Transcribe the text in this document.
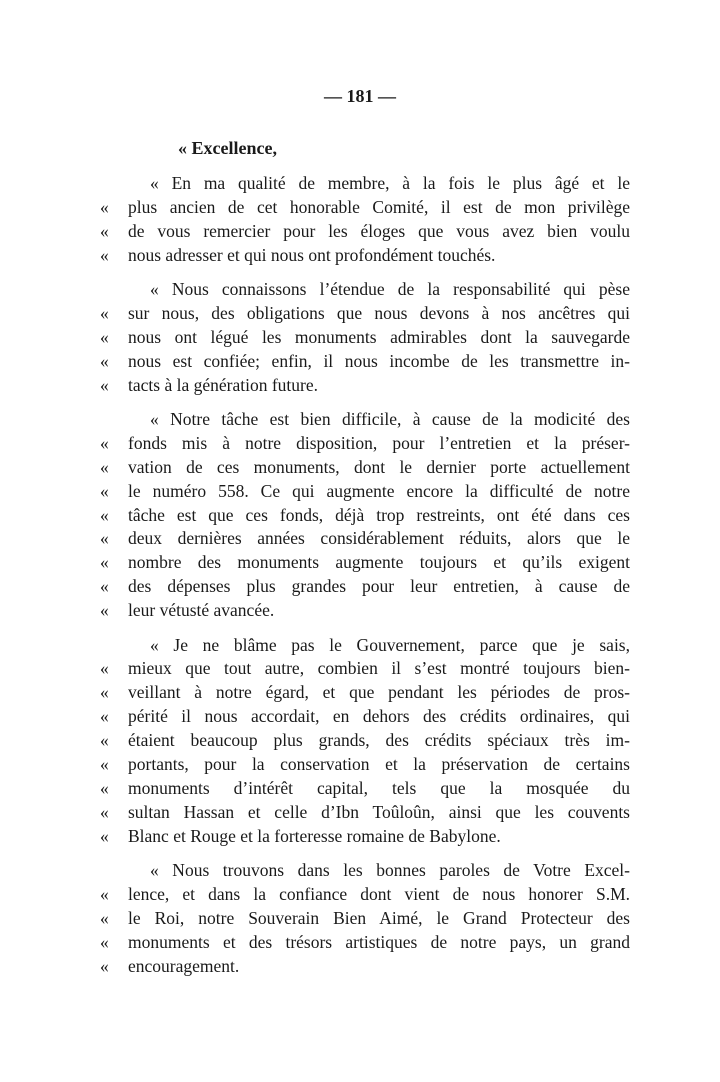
— 181 —
« Excellence,
« En ma qualité de membre, à la fois le plus âgé et le
«	plus ancien de cet honorable Comité, il est de mon privilège
«	de vous remercier pour les éloges que vous avez bien voulu
«	nous adresser et qui nous ont profondément touchés.
« Nous connaissons l’étendue de la responsabilité qui pèse
«	sur nous, des obligations que nous devons à nos ancêtres qui
«	nous ont légué les monuments admirables dont la sauvegarde
«	nous est confiée; enfin, il nous incombe de les transmettre in-
«	tacts à la génération future.
« Notre tâche est bien difficile, à cause de la modicité des
«	fonds mis à notre disposition, pour l’entretien et la préser-
«	vation de ces monuments, dont le dernier porte actuellement
«	le numéro 558. Ce qui augmente encore la difficulté de notre
«	tâche est que ces fonds, déjà trop restreints, ont été dans ces
«	deux dernières années considérablement réduits, alors que le
«	nombre des monuments augmente toujours et qu’ils exigent
«	des dépenses plus grandes pour leur entretien, à cause de
«	leur vétusté avancée.
« Je ne blâme pas le Gouvernement, parce que je sais,
«	mieux que tout autre, combien il s’est montré toujours bien-
«	veillant à notre égard, et que pendant les périodes de pros-
«	périté il nous accordait, en dehors des crédits ordinaires, qui
«	étaient beaucoup plus grands, des crédits spéciaux très im-
«	portants, pour la conservation et la préservation de certains
«	monuments d’intérêt capital, tels que la mosquée du
«	sultan Hassan et celle d’Ibn Toûloûn, ainsi que les couvents
«	Blanc et Rouge et la forteresse romaine de Babylone.
« Nous trouvons dans les bonnes paroles de Votre Excel-
«	lence, et dans la confiance dont vient de nous honorer S.M.
«	le Roi, notre Souverain Bien Aimé, le Grand Protecteur des
«	monuments et des trésors artistiques de notre pays, un grand
«	encouragement.
